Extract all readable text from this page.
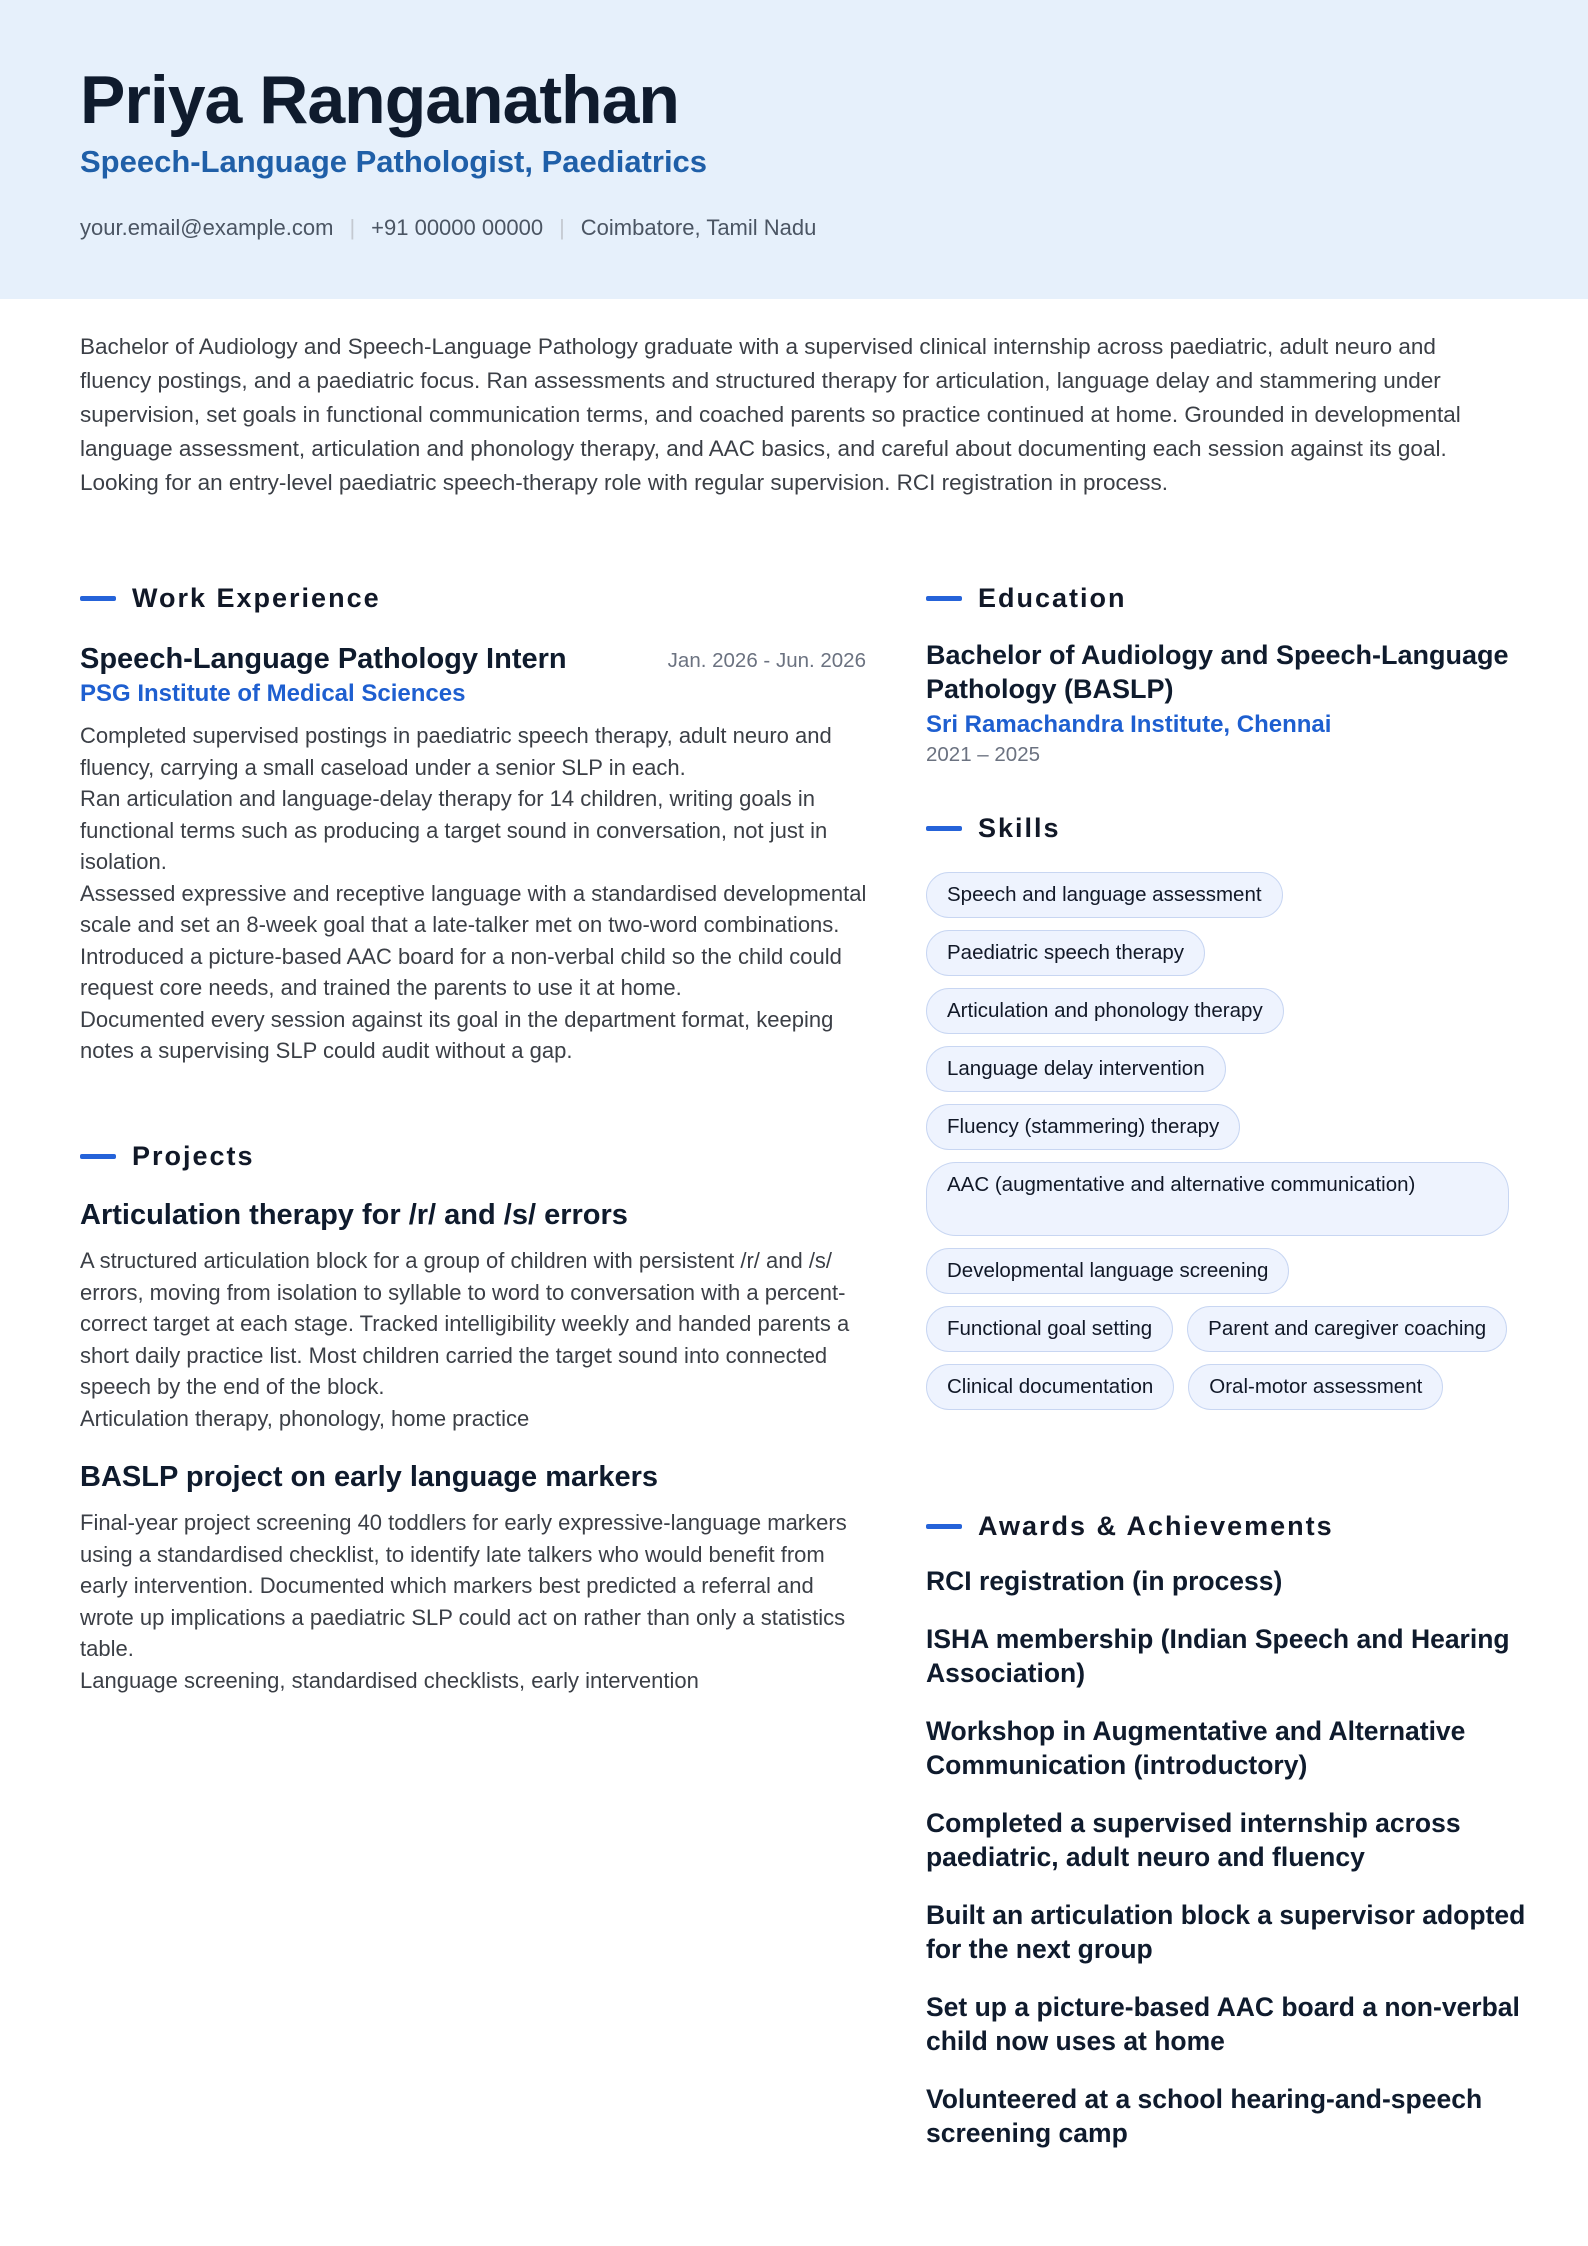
Priya Ranganathan
Speech-Language Pathologist, Paediatrics
your.email@example.com | +91 00000 00000 | Coimbatore, Tamil Nadu

Bachelor of Audiology and Speech-Language Pathology graduate with a supervised clinical internship across paediatric, adult neuro and fluency postings, and a paediatric focus. Ran assessments and structured therapy for articulation, language delay and stammering under supervision, set goals in functional communication terms, and coached parents so practice continued at home. Grounded in developmental language assessment, articulation and phonology therapy, and AAC basics, and careful about documenting each session against its goal. Looking for an entry-level paediatric speech-therapy role with regular supervision. RCI registration in process.

Work Experience
Speech-Language Pathology Intern	Jan. 2026 - Jun. 2026
PSG Institute of Medical Sciences
Completed supervised postings in paediatric speech therapy, adult neuro and fluency, carrying a small caseload under a senior SLP in each.
Ran articulation and language-delay therapy for 14 children, writing goals in functional terms such as producing a target sound in conversation, not just in isolation.
Assessed expressive and receptive language with a standardised developmental scale and set an 8-week goal that a late-talker met on two-word combinations.
Introduced a picture-based AAC board for a non-verbal child so the child could request core needs, and trained the parents to use it at home.
Documented every session against its goal in the department format, keeping notes a supervising SLP could audit without a gap.
Projects
Articulation therapy for /r/ and /s/ errors
A structured articulation block for a group of children with persistent /r/ and /s/ errors, moving from isolation to syllable to word to conversation with a percent-correct target at each stage. Tracked intelligibility weekly and handed parents a short daily practice list. Most children carried the target sound into connected speech by the end of the block.
Articulation therapy, phonology, home practice
BASLP project on early language markers
Final-year project screening 40 toddlers for early expressive-language markers using a standardised checklist, to identify late talkers who would benefit from early intervention. Documented which markers best predicted a referral and wrote up implications a paediatric SLP could act on rather than only a statistics table.
Language screening, standardised checklists, early intervention
Education

Bachelor of Audiology and Speech-Language Pathology (BASLP)

Sri Ramachandra Institute, Chennai
2021 – 2025
Skills
Speech and language assessment
Paediatric speech therapy
Articulation and phonology therapy
Language delay intervention
Fluency (stammering) therapy
AAC (augmentative and alternative communication)
Developmental language screening
Functional goal setting	Parent and caregiver coaching
Clinical documentation	Oral-motor assessment
Awards & Achievements

RCI registration (in process)

ISHA membership (Indian Speech and Hearing Association)

Workshop in Augmentative and Alternative Communication (introductory)

Completed a supervised internship across paediatric, adult neuro and fluency

Built an articulation block a supervisor adopted for the next group

Set up a picture-based AAC board a non-verbal child now uses at home

Volunteered at a school hearing-and-speech screening camp
